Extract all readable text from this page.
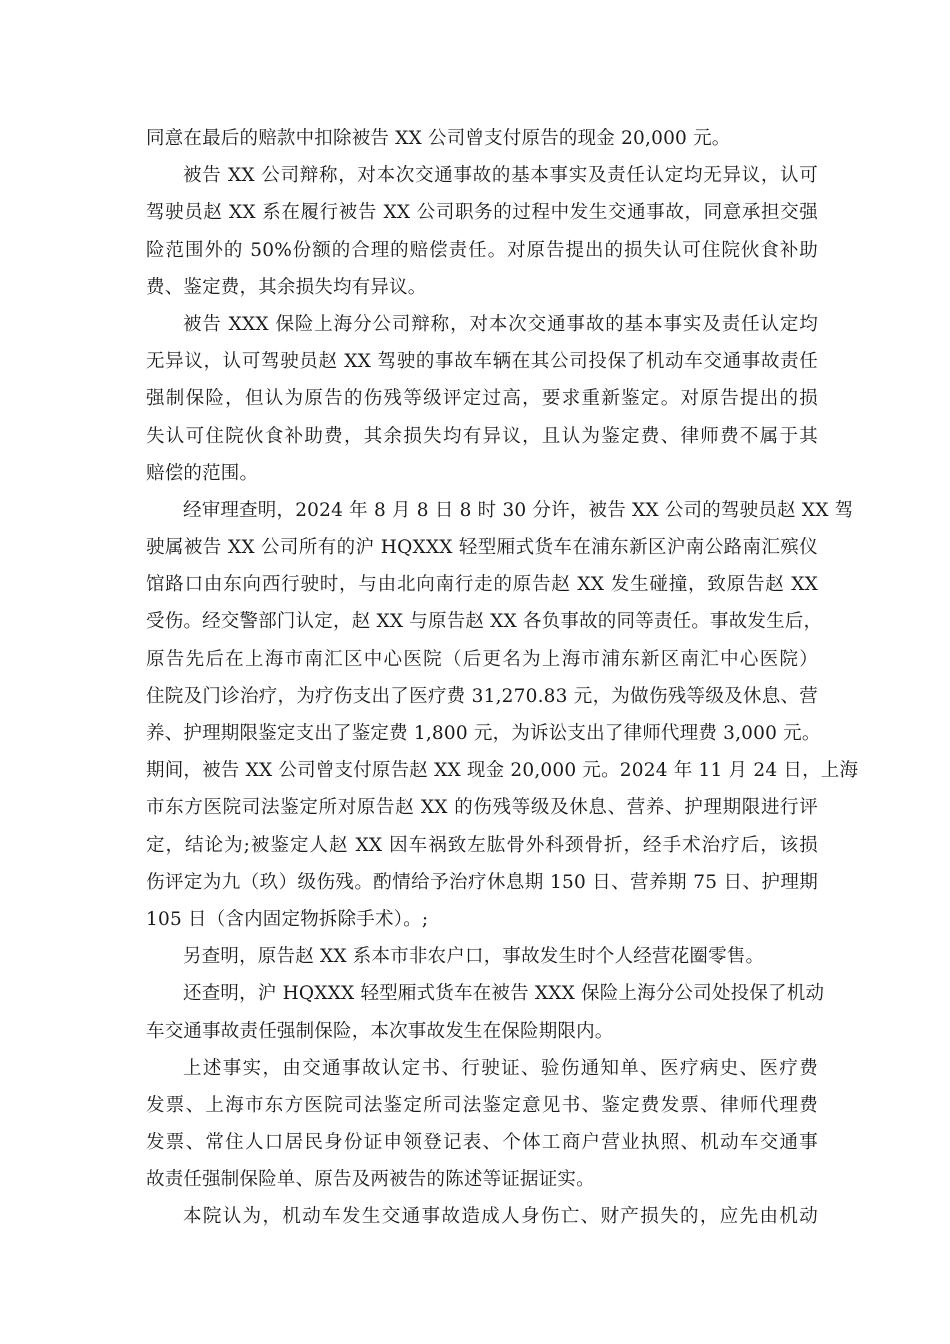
同意在最后的赔款中扣除被告 XX 公司曾支付原告的现金 20,000 元。
被告 XX 公司辩称，对本次交通事故的基本事实及责任认定均无异议，认可
驾驶员赵 XX 系在履行被告 XX 公司职务的过程中发生交通事故，同意承担交强
险范围外的 50%份额的合理的赔偿责任。对原告提出的损失认可住院伙食补助
费、鉴定费，其余损失均有异议。
被告 XXX 保险上海分公司辩称，对本次交通事故的基本事实及责任认定均
无异议，认可驾驶员赵 XX 驾驶的事故车辆在其公司投保了机动车交通事故责任
强制保险，但认为原告的伤残等级评定过高，要求重新鉴定。对原告提出的损
失认可住院伙食补助费，其余损失均有异议，且认为鉴定费、律师费不属于其
赔偿的范围。
经审理查明，2024 年 8 月 8 日 8 时 30 分许，被告 XX 公司的驾驶员赵 XX 驾
驶属被告 XX 公司所有的沪 HQXXX 轻型厢式货车在浦东新区沪南公路南汇殡仪
馆路口由东向西行驶时，与由北向南行走的原告赵 XX 发生碰撞，致原告赵 XX
受伤。经交警部门认定，赵 XX 与原告赵 XX 各负事故的同等责任。事故发生后，
原告先后在上海市南汇区中心医院（后更名为上海市浦东新区南汇中心医院）
住院及门诊治疗，为疗伤支出了医疗费 31,270.83 元，为做伤残等级及休息、营
养、护理期限鉴定支出了鉴定费 1,800 元，为诉讼支出了律师代理费 3,000 元。
期间，被告 XX 公司曾支付原告赵 XX 现金 20,000 元。2024 年 11 月 24 日，上海
市东方医院司法鉴定所对原告赵 XX 的伤残等级及休息、营养、护理期限进行评
定，结论为;被鉴定人赵 XX 因车祸致左肱骨外科颈骨折，经手术治疗后，该损
伤评定为九（玖）级伤残。酌情给予治疗休息期 150 日、营养期 75 日、护理期
105 日（含内固定物拆除手术）。;
另查明，原告赵 XX 系本市非农户口，事故发生时个人经营花圈零售。
还查明，沪 HQXXX 轻型厢式货车在被告 XXX 保险上海分公司处投保了机动
车交通事故责任强制保险，本次事故发生在保险期限内。
上述事实，由交通事故认定书、行驶证、验伤通知单、医疗病史、医疗费
发票、上海市东方医院司法鉴定所司法鉴定意见书、鉴定费发票、律师代理费
发票、常住人口居民身份证申领登记表、个体工商户营业执照、机动车交通事
故责任强制保险单、原告及两被告的陈述等证据证实。
本院认为，机动车发生交通事故造成人身伤亡、财产损失的，应先由机动
